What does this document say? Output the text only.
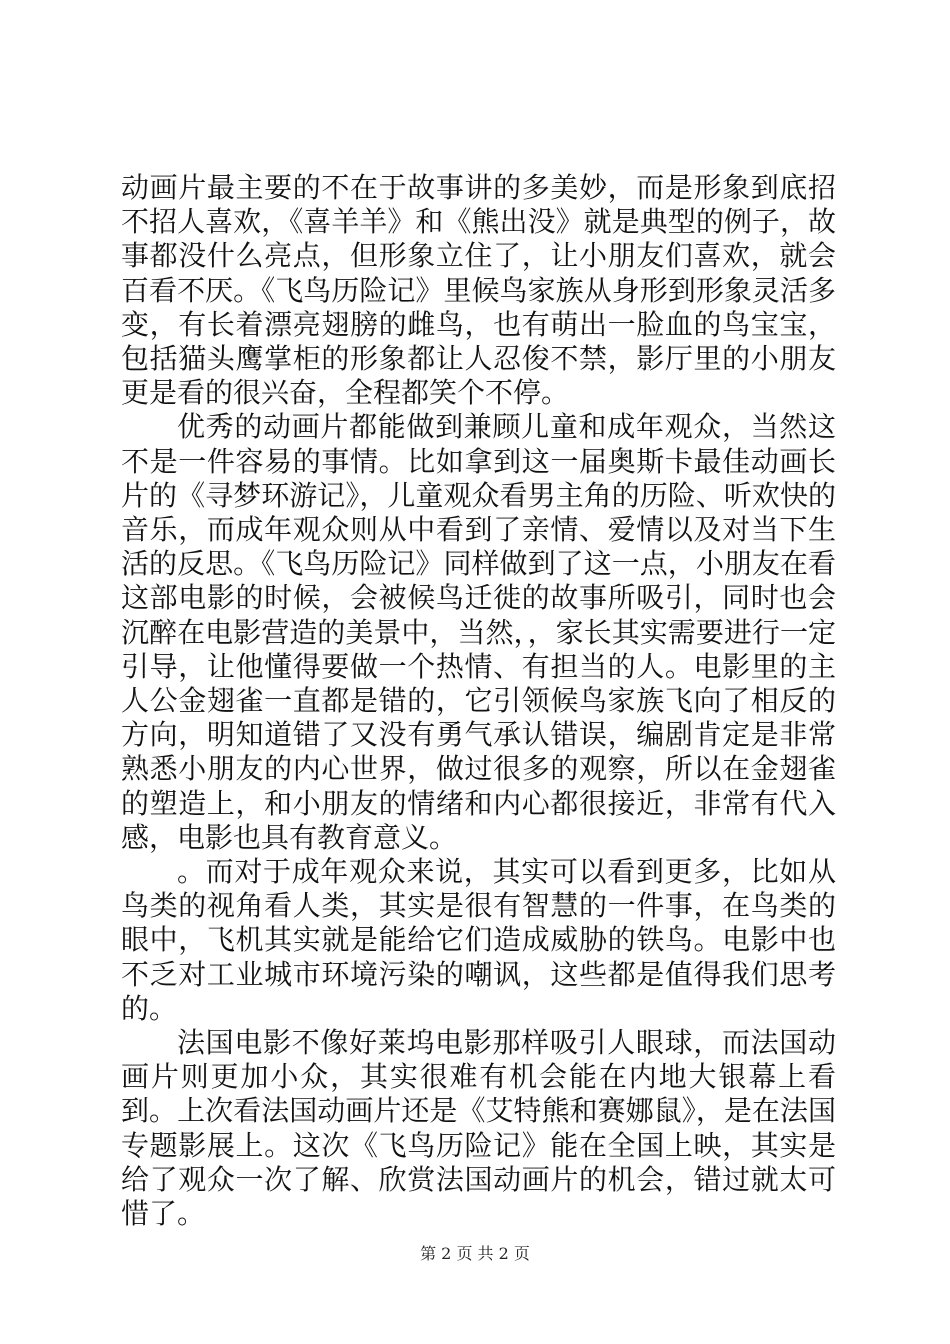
动画片最主要的不在于故事讲的多美妙，而是形象到底招不招人喜欢，《喜羊羊》和《熊出没》就是典型的例子，故事都没什么亮点，但形象立住了，让小朋友们喜欢，就会百看不厌。《飞鸟历险记》里候鸟家族从身形到形象灵活多变，有长着漂亮翅膀的雌鸟，也有萌出一脸血的鸟宝宝，包括猫头鹰掌柜的形象都让人忍俊不禁，影厅里的小朋友更是看的很兴奋，全程都笑个不停。

优秀的动画片都能做到兼顾儿童和成年观众，当然这不是一件容易的事情。比如拿到这一届奥斯卡最佳动画长片的《寻梦环游记》，儿童观众看男主角的历险、听欢快的音乐，而成年观众则从中看到了亲情、爱情以及对当下生活的反思。《飞鸟历险记》同样做到了这一点，小朋友在看这部电影的时候，会被候鸟迁徙的故事所吸引，同时也会沉醉在电影营造的美景中，当然，，家长其实需要进行一定引导，让他懂得要做一个热情、有担当的人。电影里的主人公金翅雀一直都是错的，它引领候鸟家族飞向了相反的方向，明知道错了又没有勇气承认错误，编剧肯定是非常熟悉小朋友的内心世界，做过很多的观察，所以在金翅雀的塑造上，和小朋友的情绪和内心都很接近，非常有代入感，电影也具有教育意义。

。而对于成年观众来说，其实可以看到更多，比如从鸟类的视角看人类，其实是很有智慧的一件事，在鸟类的眼中，飞机其实就是能给它们造成威胁的铁鸟。电影中也不乏对工业城市环境污染的嘲讽，这些都是值得我们思考的。

法国电影不像好莱坞电影那样吸引人眼球，而法国动画片则更加小众，其实很难有机会能在内地大银幕上看到。上次看法国动画片还是《艾特熊和赛娜鼠》，是在法国专题影展上。这次《飞鸟历险记》能在全国上映，其实是给了观众一次了解、欣赏法国动画片的机会，错过就太可惜了。

第 2 页 共 2 页
